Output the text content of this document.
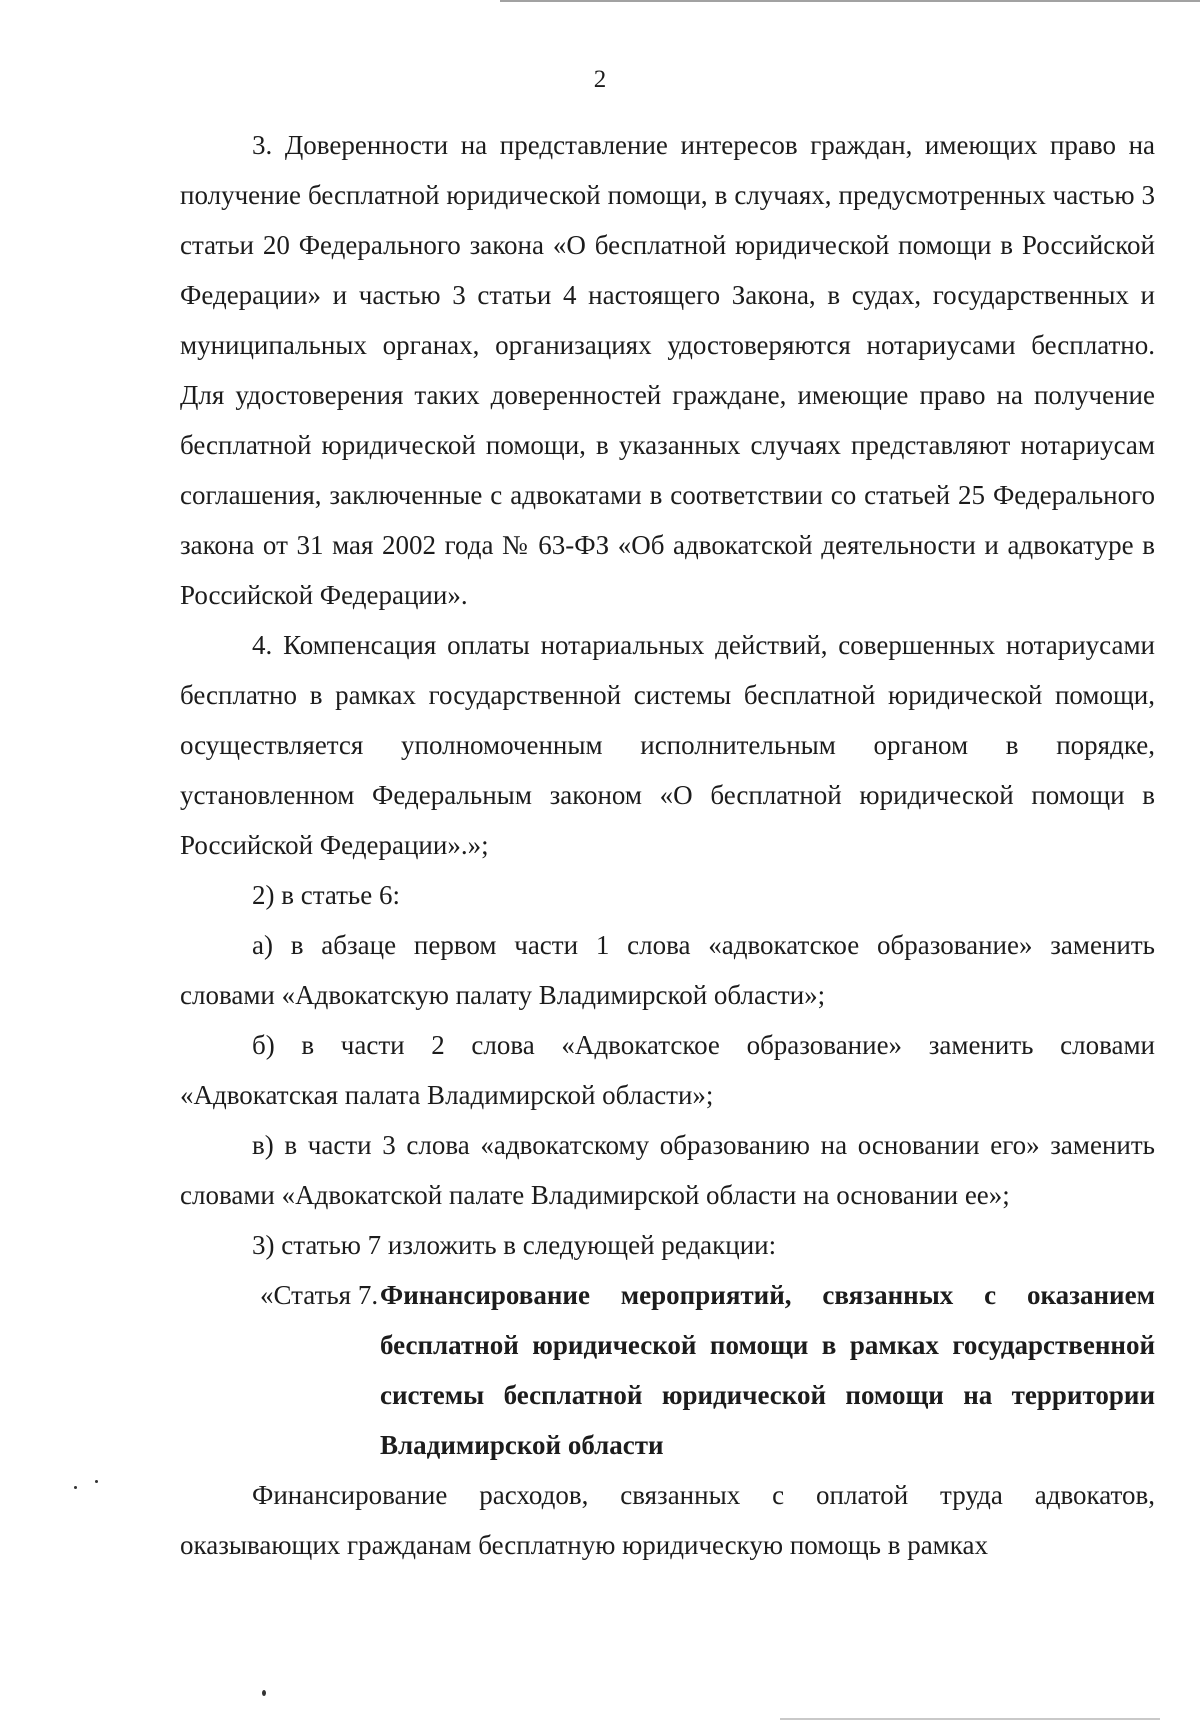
2

3. Доверенности на представление интересов граждан, имеющих право на получение бесплатной юридической помощи, в случаях, предусмотренных частью 3 статьи 20 Федерального закона «О бесплатной юридической помощи в Российской Федерации» и частью 3 статьи 4 настоящего Закона, в судах, государственных и муниципальных органах, организациях удостоверяются нотариусами бесплатно. Для удостоверения таких доверенностей граждане, имеющие право на получение бесплатной юридической помощи, в указанных случаях представляют нотариусам соглашения, заключенные с адвокатами в соответствии со статьей 25 Федерального закона от 31 мая 2002 года № 63-ФЗ «Об адвокатской деятельности и адвокатуре в Российской Федерации».

4. Компенсация оплаты нотариальных действий, совершенных нотариусами бесплатно в рамках государственной системы бесплатной юридической помощи, осуществляется уполномоченным исполнительным органом в порядке, установленном Федеральным законом «О бесплатной юридической помощи в Российской Федерации».»;

2) в статье 6:

а) в абзаце первом части 1 слова «адвокатское образование» заменить словами «Адвокатскую палату Владимирской области»;

б) в части 2 слова «Адвокатское образование» заменить словами «Адвокатская палата Владимирской области»;

в) в части 3 слова «адвокатскому образованию на основании его» заменить словами «Адвокатской палате Владимирской области на основании ее»;

3) статью 7 изложить в следующей редакции:

«Статья 7. Финансирование мероприятий, связанных с оказанием бесплатной юридической помощи в рамках государственной системы бесплатной юридической помощи на территории Владимирской области

Финансирование расходов, связанных с оплатой труда адвокатов, оказывающих гражданам бесплатную юридическую помощь в рамках
